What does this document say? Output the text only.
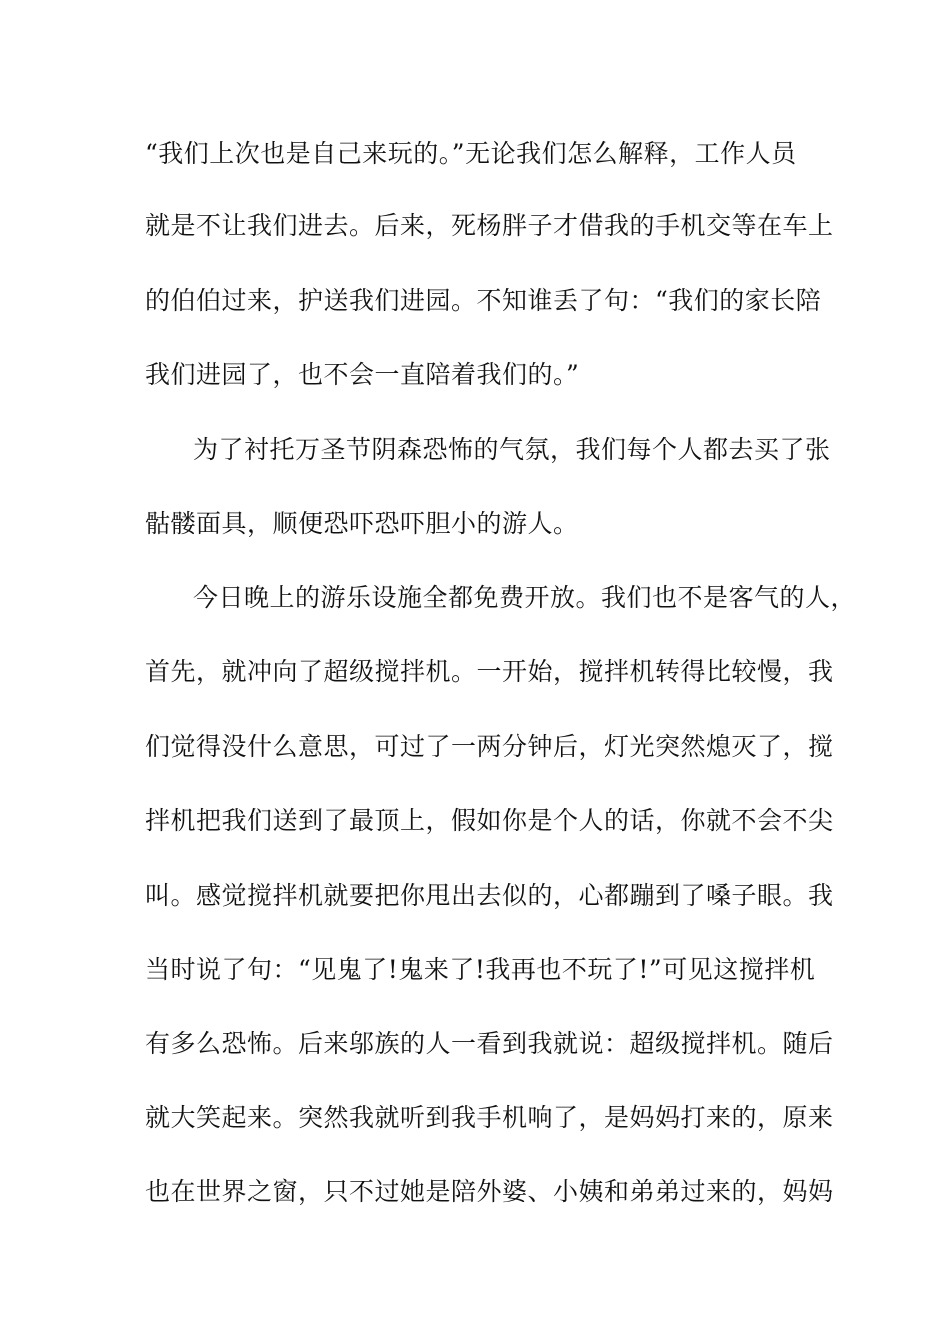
“我们上次也是自己来玩的。”无论我们怎么解释，工作人员
就是不让我们进去。后来，死杨胖子才借我的手机交等在车上
的伯伯过来，护送我们进园。不知谁丢了句：“我们的家长陪
我们进园了，也不会一直陪着我们的。”
为了衬托万圣节阴森恐怖的气氛，我们每个人都去买了张
骷髅面具，顺便恐吓恐吓胆小的游人。
今日晚上的游乐设施全都免费开放。我们也不是客气的人，
首先，就冲向了超级搅拌机。一开始，搅拌机转得比较慢，我
们觉得没什么意思，可过了一两分钟后，灯光突然熄灭了，搅
拌机把我们送到了最顶上，假如你是个人的话，你就不会不尖
叫。感觉搅拌机就要把你甩出去似的，心都蹦到了嗓子眼。我
当时说了句：“见鬼了!鬼来了!我再也不玩了!”可见这搅拌机
有多么恐怖。后来邬族的人一看到我就说：超级搅拌机。随后
就大笑起来。突然我就听到我手机响了，是妈妈打来的，原来
也在世界之窗，只不过她是陪外婆、小姨和弟弟过来的，妈妈
